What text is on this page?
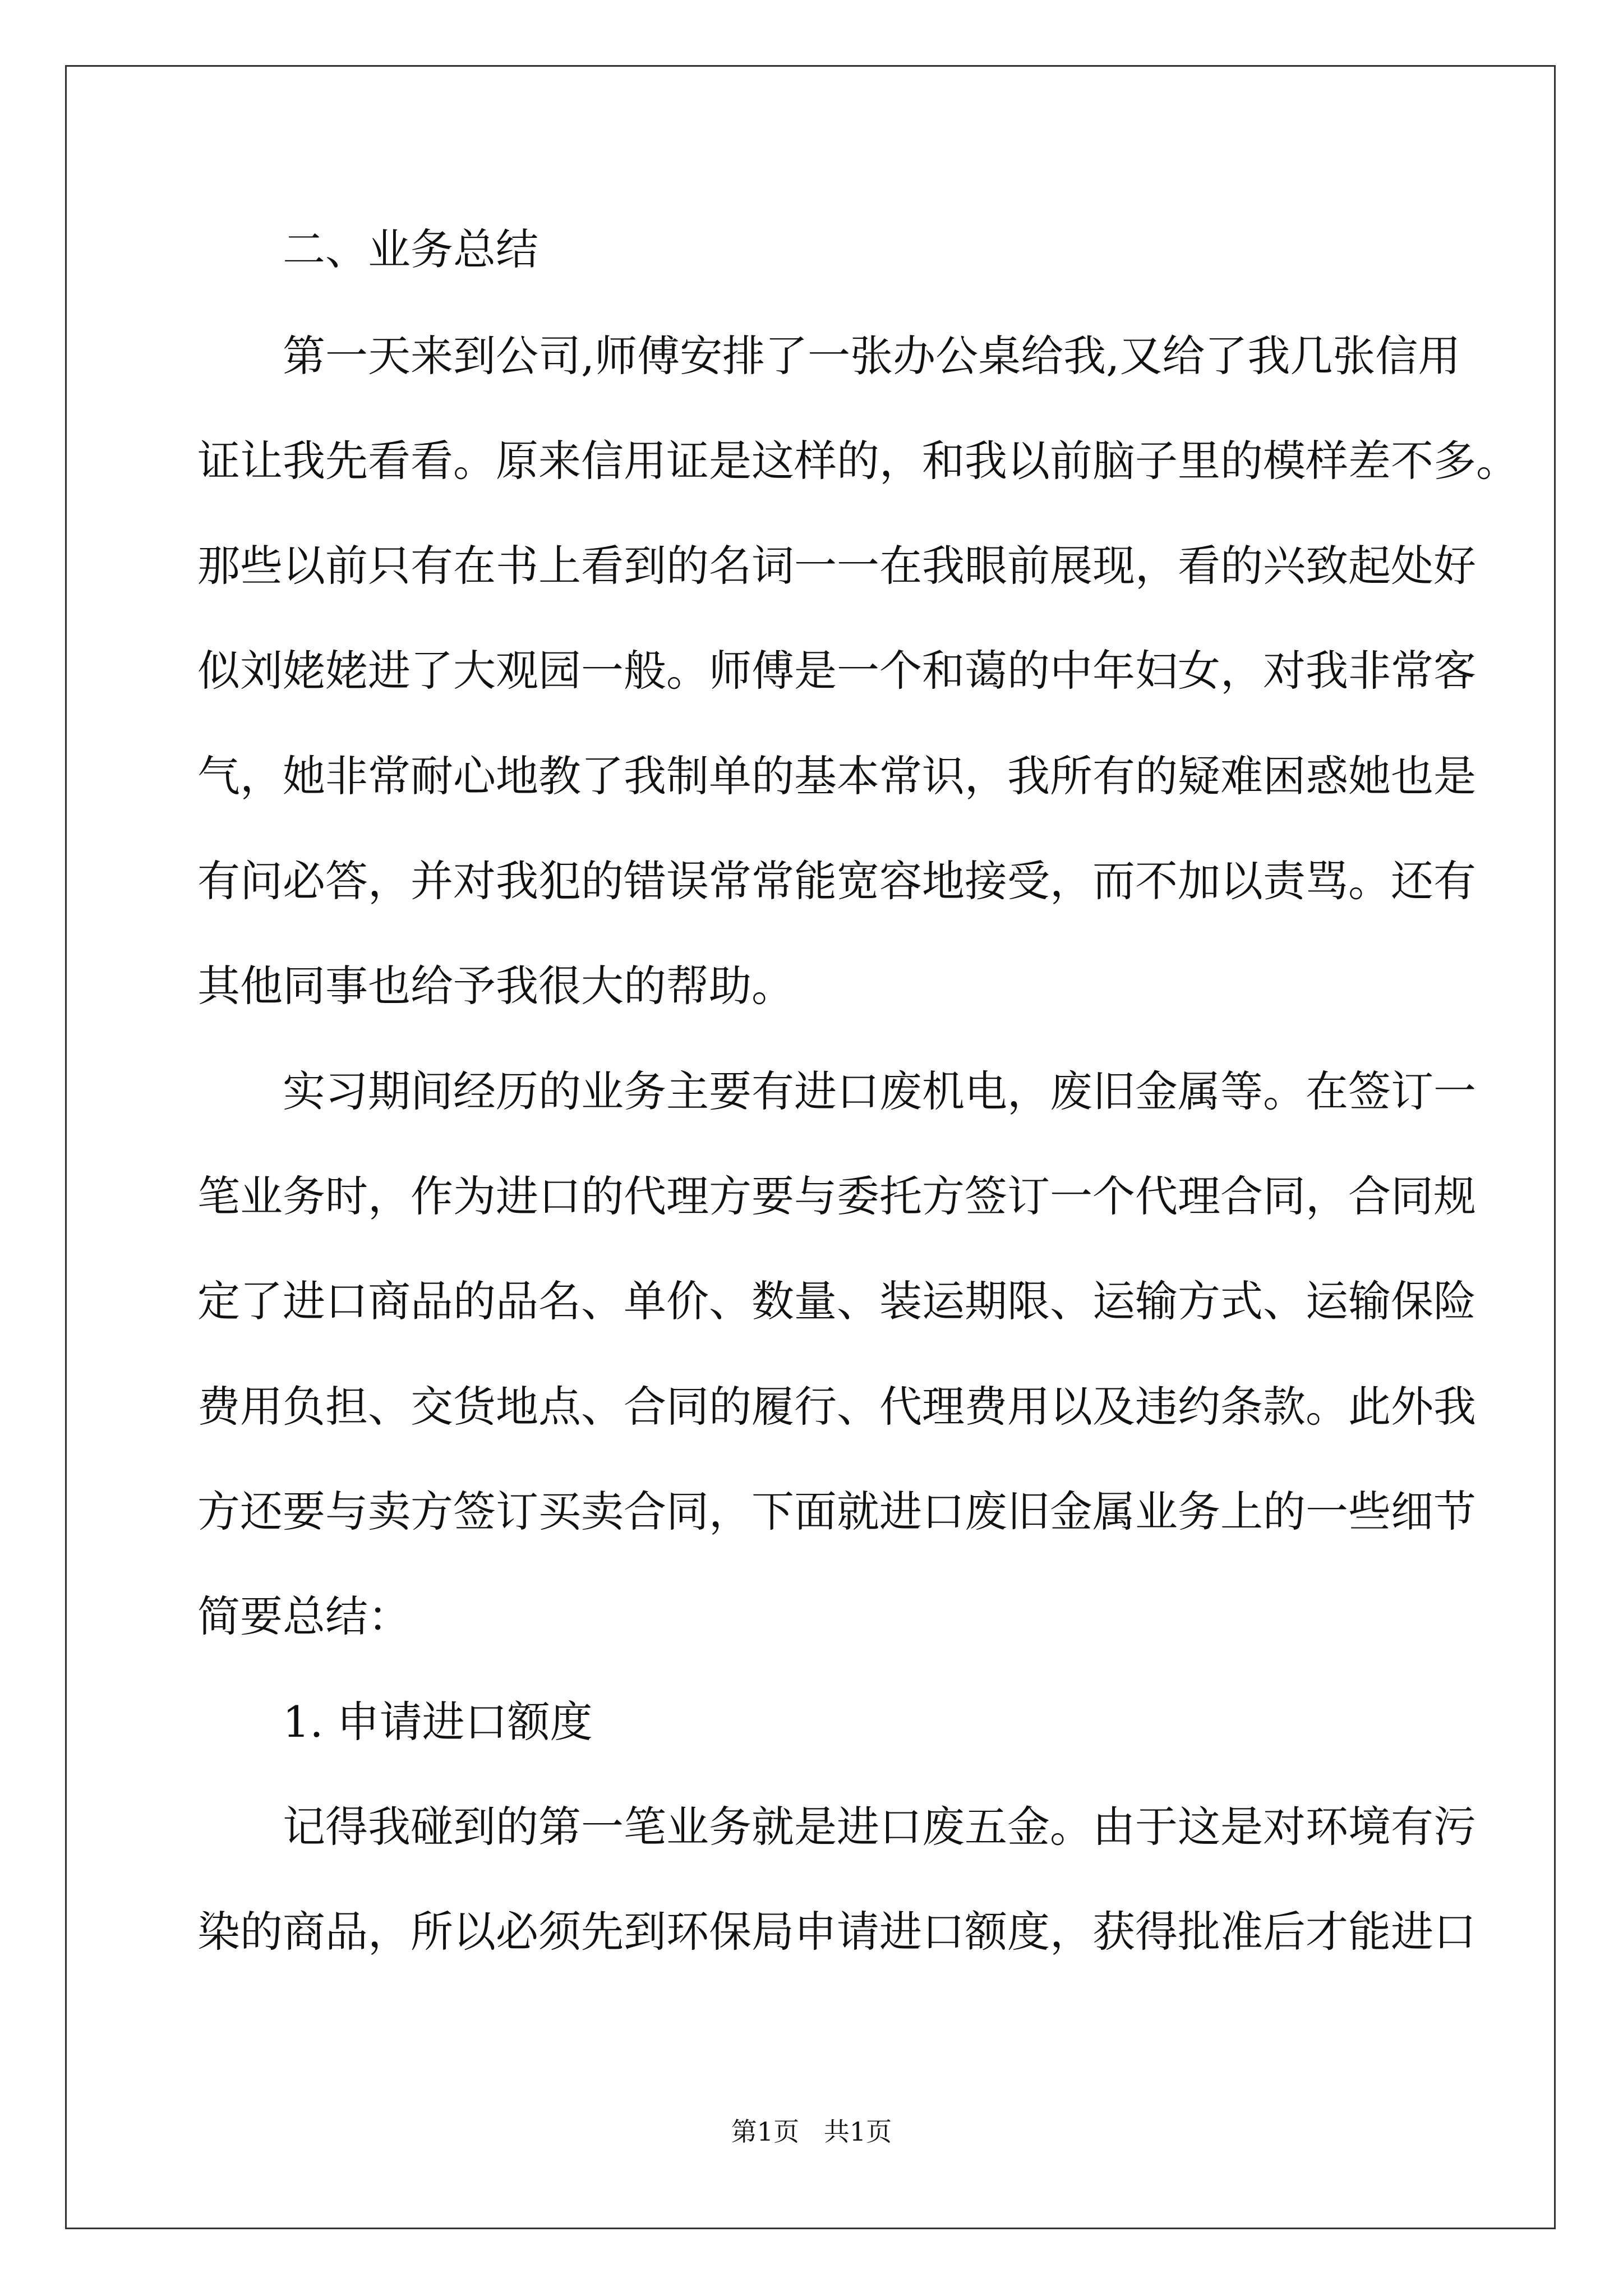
二、业务总结
第一天来到公司,师傅安排了一张办公桌给我,又给了我几张信用
证让我先看看。原来信用证是这样的，和我以前脑子里的模样差不多。
那些以前只有在书上看到的名词一一在我眼前展现，看的兴致起处好
似刘姥姥进了大观园一般。师傅是一个和蔼的中年妇女，对我非常客
气，她非常耐心地教了我制单的基本常识，我所有的疑难困惑她也是
有问必答，并对我犯的错误常常能宽容地接受，而不加以责骂。还有
其他同事也给予我很大的帮助。
实习期间经历的业务主要有进口废机电，废旧金属等。在签订一
笔业务时，作为进口的代理方要与委托方签订一个代理合同，合同规
定了进口商品的品名、单价、数量、装运期限、运输方式、运输保险
费用负担、交货地点、合同的履行、代理费用以及违约条款。此外我
方还要与卖方签订买卖合同，下面就进口废旧金属业务上的一些细节
简要总结：
1. 申请进口额度
记得我碰到的第一笔业务就是进口废五金。由于这是对环境有污
染的商品，所以必须先到环保局申请进口额度，获得批准后才能进口
第1页   共1页
